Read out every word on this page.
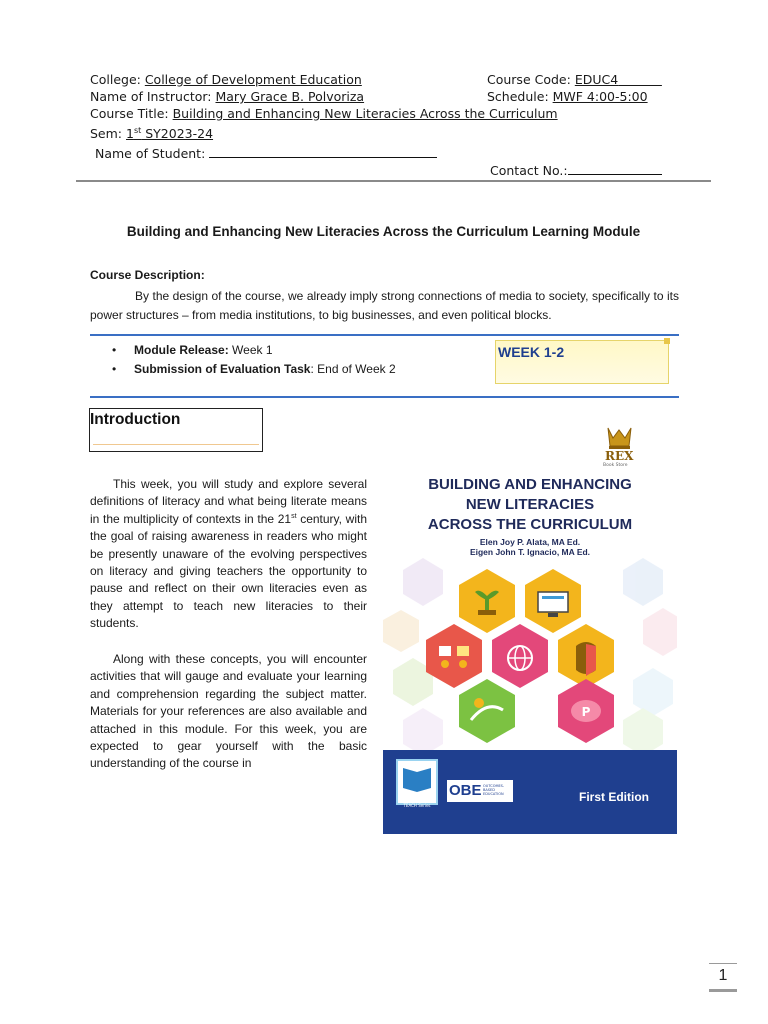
College: College of Development Education
Name of Instructor: Mary Grace B. Polvoriza
Course Title: Building and Enhancing New Literacies Across the Curriculum
Sem: 1st SY2023-24
Name of Student:
Course Code: EDUC4
Schedule: MWF 4:00-5:00
Contact No.:
Building and Enhancing New Literacies Across the Curriculum Learning Module
Course Description:
By the design of the course, we already imply strong connections of media to society, specifically to its power structures – from media institutions, to big businesses, and even political blocks.
• Module Release: Week 1
• Submission of Evaluation Task: End of Week 2
WEEK 1-2
Introduction
This week, you will study and explore several definitions of literacy and what being literate means in the multiplicity of contexts in the 21st century, with the goal of raising awareness in readers who might be presently unaware of the evolving perspectives on literacy and giving teachers the opportunity to pause and reflect on their own literacies even as they attempt to teach new literacies to their students.
Along with these concepts, you will encounter activities that will gauge and evaluate your learning and comprehension regarding the subject matter. Materials for your references are also available and attached in this module. For this week, you are expected to gear yourself with the basic understanding of the course in
P
REX
Book Store
BUILDING AND ENHANCING
NEW LITERACIES
ACROSS THE CURRICULUM
Elen Joy P. Alata, MA Ed.
Eigen John T. Ignacio, MA Ed.
TEACH Series
OBE OUTCOMES-BASED EDUCATION	First Edition
1
